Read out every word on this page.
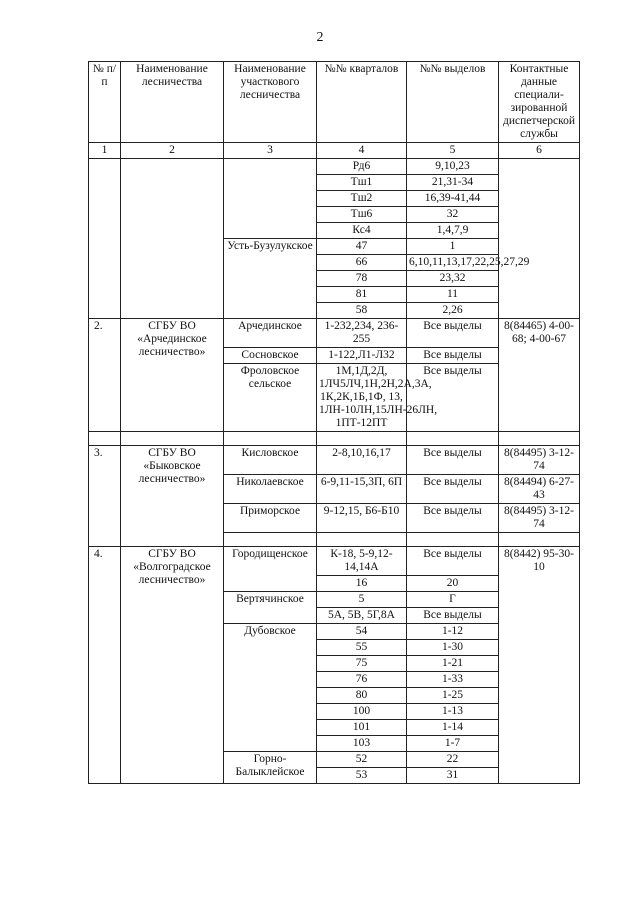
2
№ п/п	Наименование лесничества	Наименование участкового лесничества	№№ кварталов	№№ выделов	Контактные данные специали-зированной диспетчерской службы
1	2	3	4	5	6
			Рд6	9,10,23	
			Тш1	21,31-34	
			Тш2	16,39-41,44	
			Тш6	32	
			Кс4	1,4,7,9	
		Усть-Бузулукское	47	1	
			66	6,10,11,13,17,22,25,27,29	
			78	23,32	
			81	11	
			58	2,26	
2.	СГБУ ВО «Арчединское лесничество»	Арчединское	1-232,234, 236-255	Все выделы	8(84465) 4-00-68; 4-00-67
		Сосновское	1-122,Л1-Л32	Все выделы	
		Фроловское сельское	1М,1Д,2Д, 1ЛЧ5ЛЧ,1Н,2Н,2А,3А, 1К,2К,1Б,1Ф, 13, 1ЛН-10ЛН,15ЛН-26ЛН, 1ПТ-12ПТ	Все выделы	

3.	СГБУ ВО «Быковское лесничество»	Кисловское	2-8,10,16,17	Все выделы	8(84495) 3-12-74
		Николаевское	6-9,11-15,3П, 6П	Все выделы	8(84494) 6-27-43
		Приморское	9-12,15, Б6-Б10	Все выделы	8(84495) 3-12-74

4.	СГБУ ВО «Волгоградское лесничество»	Городищенское	К-18, 5-9,12-14,14А	Все выделы	8(8442) 95-30-10
			16	20	
		Вертячинское	5	Г	
			5А, 5В, 5Г,8А	Все выделы	
		Дубовское	54	1-12	
			55	1-30	
			75	1-21	
			76	1-33	
			80	1-25	
			100	1-13	
			101	1-14	
			103	1-7	
		Горно-Балыклейское	52	22	
			53	31	
